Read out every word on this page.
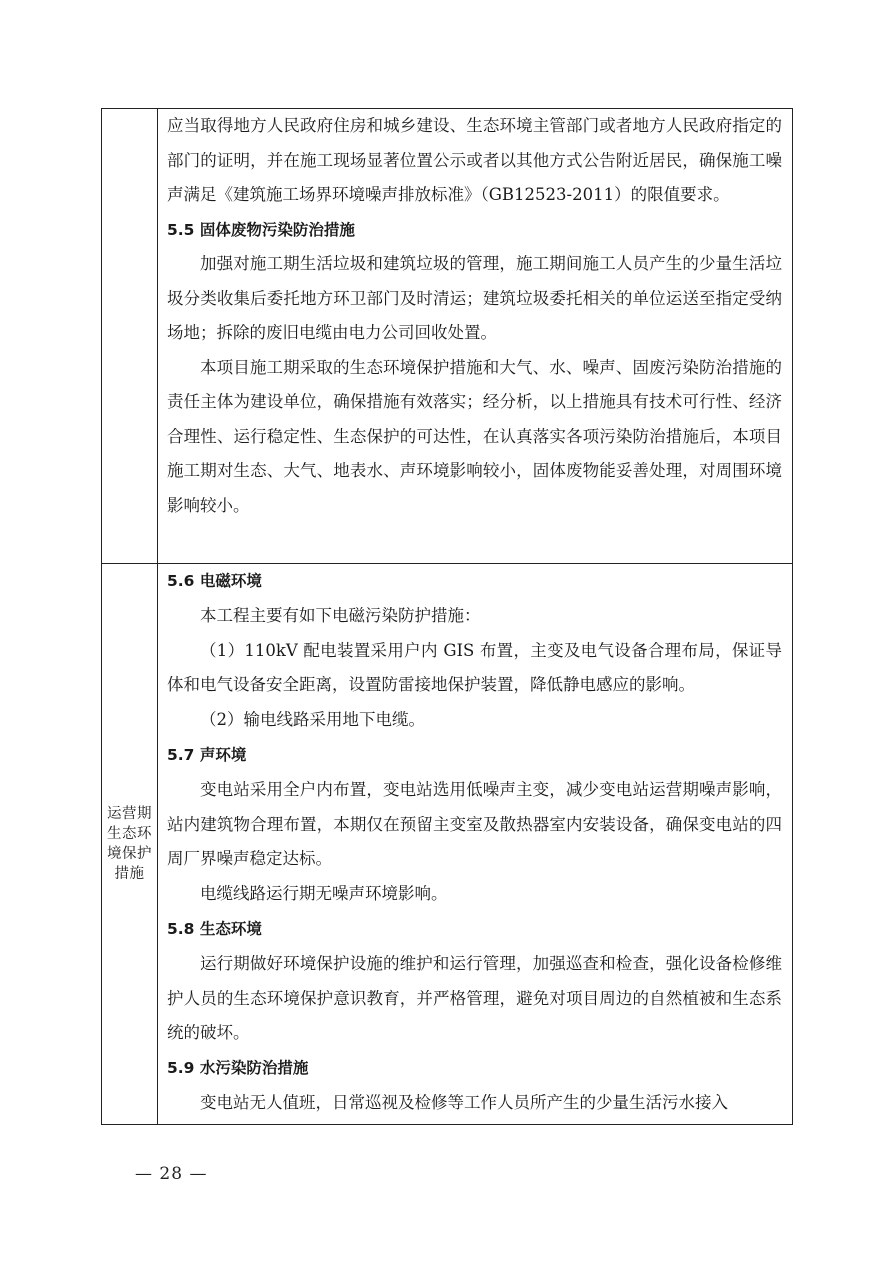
应当取得地方人民政府住房和城乡建设、生态环境主管部门或者地方人民政府指定的部门的证明，并在施工现场显著位置公示或者以其他方式公告附近居民，确保施工噪声满足《建筑施工场界环境噪声排放标准》（GB12523-2011）的限值要求。

5.5 固体废物污染防治措施

加强对施工期生活垃圾和建筑垃圾的管理，施工期间施工人员产生的少量生活垃圾分类收集后委托地方环卫部门及时清运；建筑垃圾委托相关的单位运送至指定受纳场地；拆除的废旧电缆由电力公司回收处置。

本项目施工期采取的生态环境保护措施和大气、水、噪声、固废污染防治措施的责任主体为建设单位，确保措施有效落实；经分析，以上措施具有技术可行性、经济合理性、运行稳定性、生态保护的可达性，在认真落实各项污染防治措施后，本项目施工期对生态、大气、地表水、声环境影响较小，固体废物能妥善处理，对周围环境影响较小。

运营期生态环境保护措施
5.6 电磁环境

本工程主要有如下电磁污染防护措施：

（1）110kV 配电装置采用户内 GIS 布置，主变及电气设备合理布局，保证导体和电气设备安全距离，设置防雷接地保护装置，降低静电感应的影响。

（2）输电线路采用地下电缆。

5.7 声环境

变电站采用全户内布置，变电站选用低噪声主变，减少变电站运营期噪声影响，站内建筑物合理布置，本期仅在预留主变室及散热器室内安装设备，确保变电站的四周厂界噪声稳定达标。

电缆线路运行期无噪声环境影响。

5.8 生态环境

运行期做好环境保护设施的维护和运行管理，加强巡查和检查，强化设备检修维护人员的生态环境保护意识教育，并严格管理，避免对项目周边的自然植被和生态系统的破坏。

5.9 水污染防治措施

变电站无人值班，日常巡视及检修等工作人员所产生的少量生活污水接入

— 28 —
